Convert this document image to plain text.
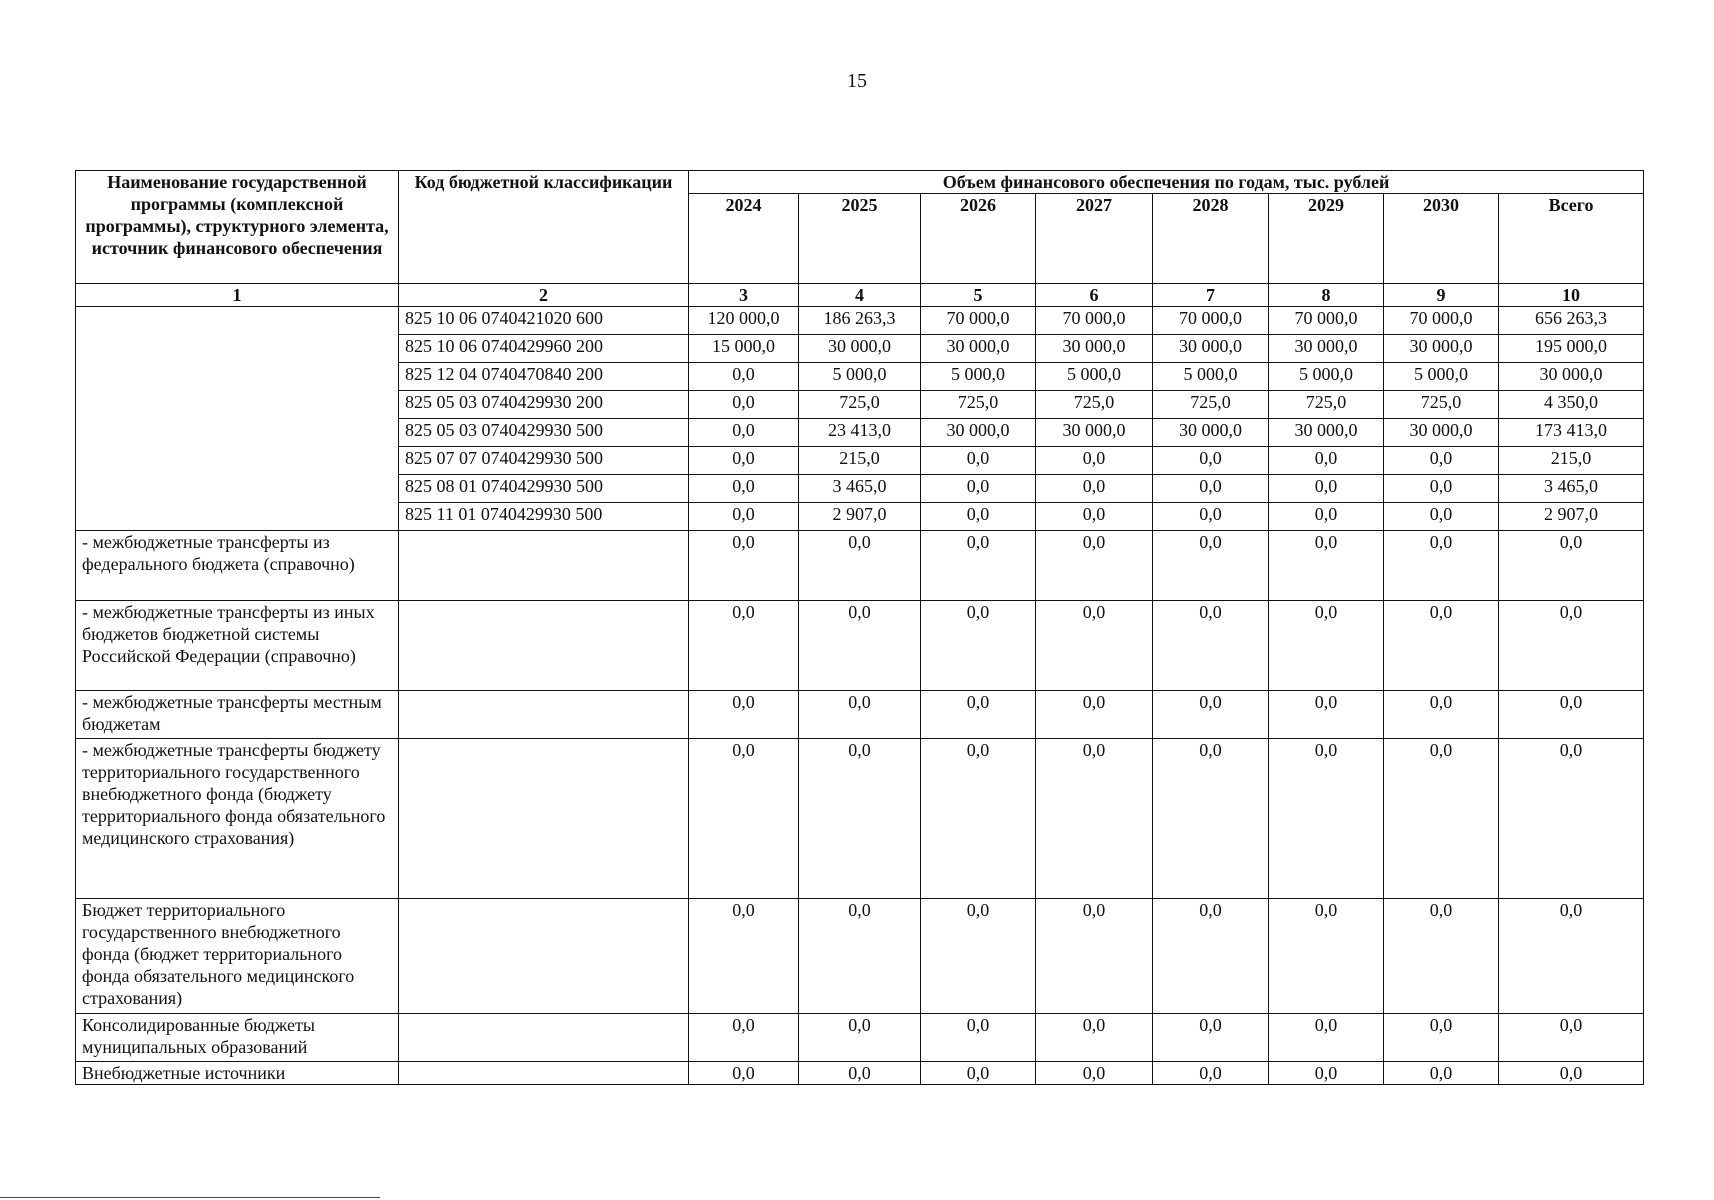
15
Наименование государственной программы (комплексной программы), структурного элемента, источник финансового обеспечения	Код бюджетной классификации	Объем финансового обеспечения по годам, тыс. рублей							
		2024	2025	2026	2027	2028	2029	2030	Всего
1	2	3	4	5	6	7	8	9	10
	825 10 06 0740421020 600	120 000,0	186 263,3	70 000,0	70 000,0	70 000,0	70 000,0	70 000,0	656 263,3
	825 10 06 0740429960 200	15 000,0	30 000,0	30 000,0	30 000,0	30 000,0	30 000,0	30 000,0	195 000,0
	825 12 04 0740470840 200	0,0	5 000,0	5 000,0	5 000,0	5 000,0	5 000,0	5 000,0	30 000,0
	825 05 03 0740429930 200	0,0	725,0	725,0	725,0	725,0	725,0	725,0	4 350,0
	825 05 03 0740429930 500	0,0	23 413,0	30 000,0	30 000,0	30 000,0	30 000,0	30 000,0	173 413,0
	825 07 07 0740429930 500	0,0	215,0	0,0	0,0	0,0	0,0	0,0	215,0
	825 08 01 0740429930 500	0,0	3 465,0	0,0	0,0	0,0	0,0	0,0	3 465,0
	825 11 01 0740429930 500	0,0	2 907,0	0,0	0,0	0,0	0,0	0,0	2 907,0
- межбюджетные трансферты из федерального бюджета (справочно)		0,0	0,0	0,0	0,0	0,0	0,0	0,0	0,0
- межбюджетные трансферты из иных бюджетов бюджетной системы Российской Федерации (справочно)		0,0	0,0	0,0	0,0	0,0	0,0	0,0	0,0
- межбюджетные трансферты местным бюджетам		0,0	0,0	0,0	0,0	0,0	0,0	0,0	0,0
- межбюджетные трансферты бюджету территориального государственного внебюджетного фонда (бюджету территориального фонда обязательного медицинского страхования)		0,0	0,0	0,0	0,0	0,0	0,0	0,0	0,0
Бюджет территориального государственного внебюджетного фонда (бюджет территориального фонда обязательного медицинского страхования)		0,0	0,0	0,0	0,0	0,0	0,0	0,0	0,0
Консолидированные бюджеты муниципальных образований		0,0	0,0	0,0	0,0	0,0	0,0	0,0	0,0
Внебюджетные источники		0,0	0,0	0,0	0,0	0,0	0,0	0,0	0,0
